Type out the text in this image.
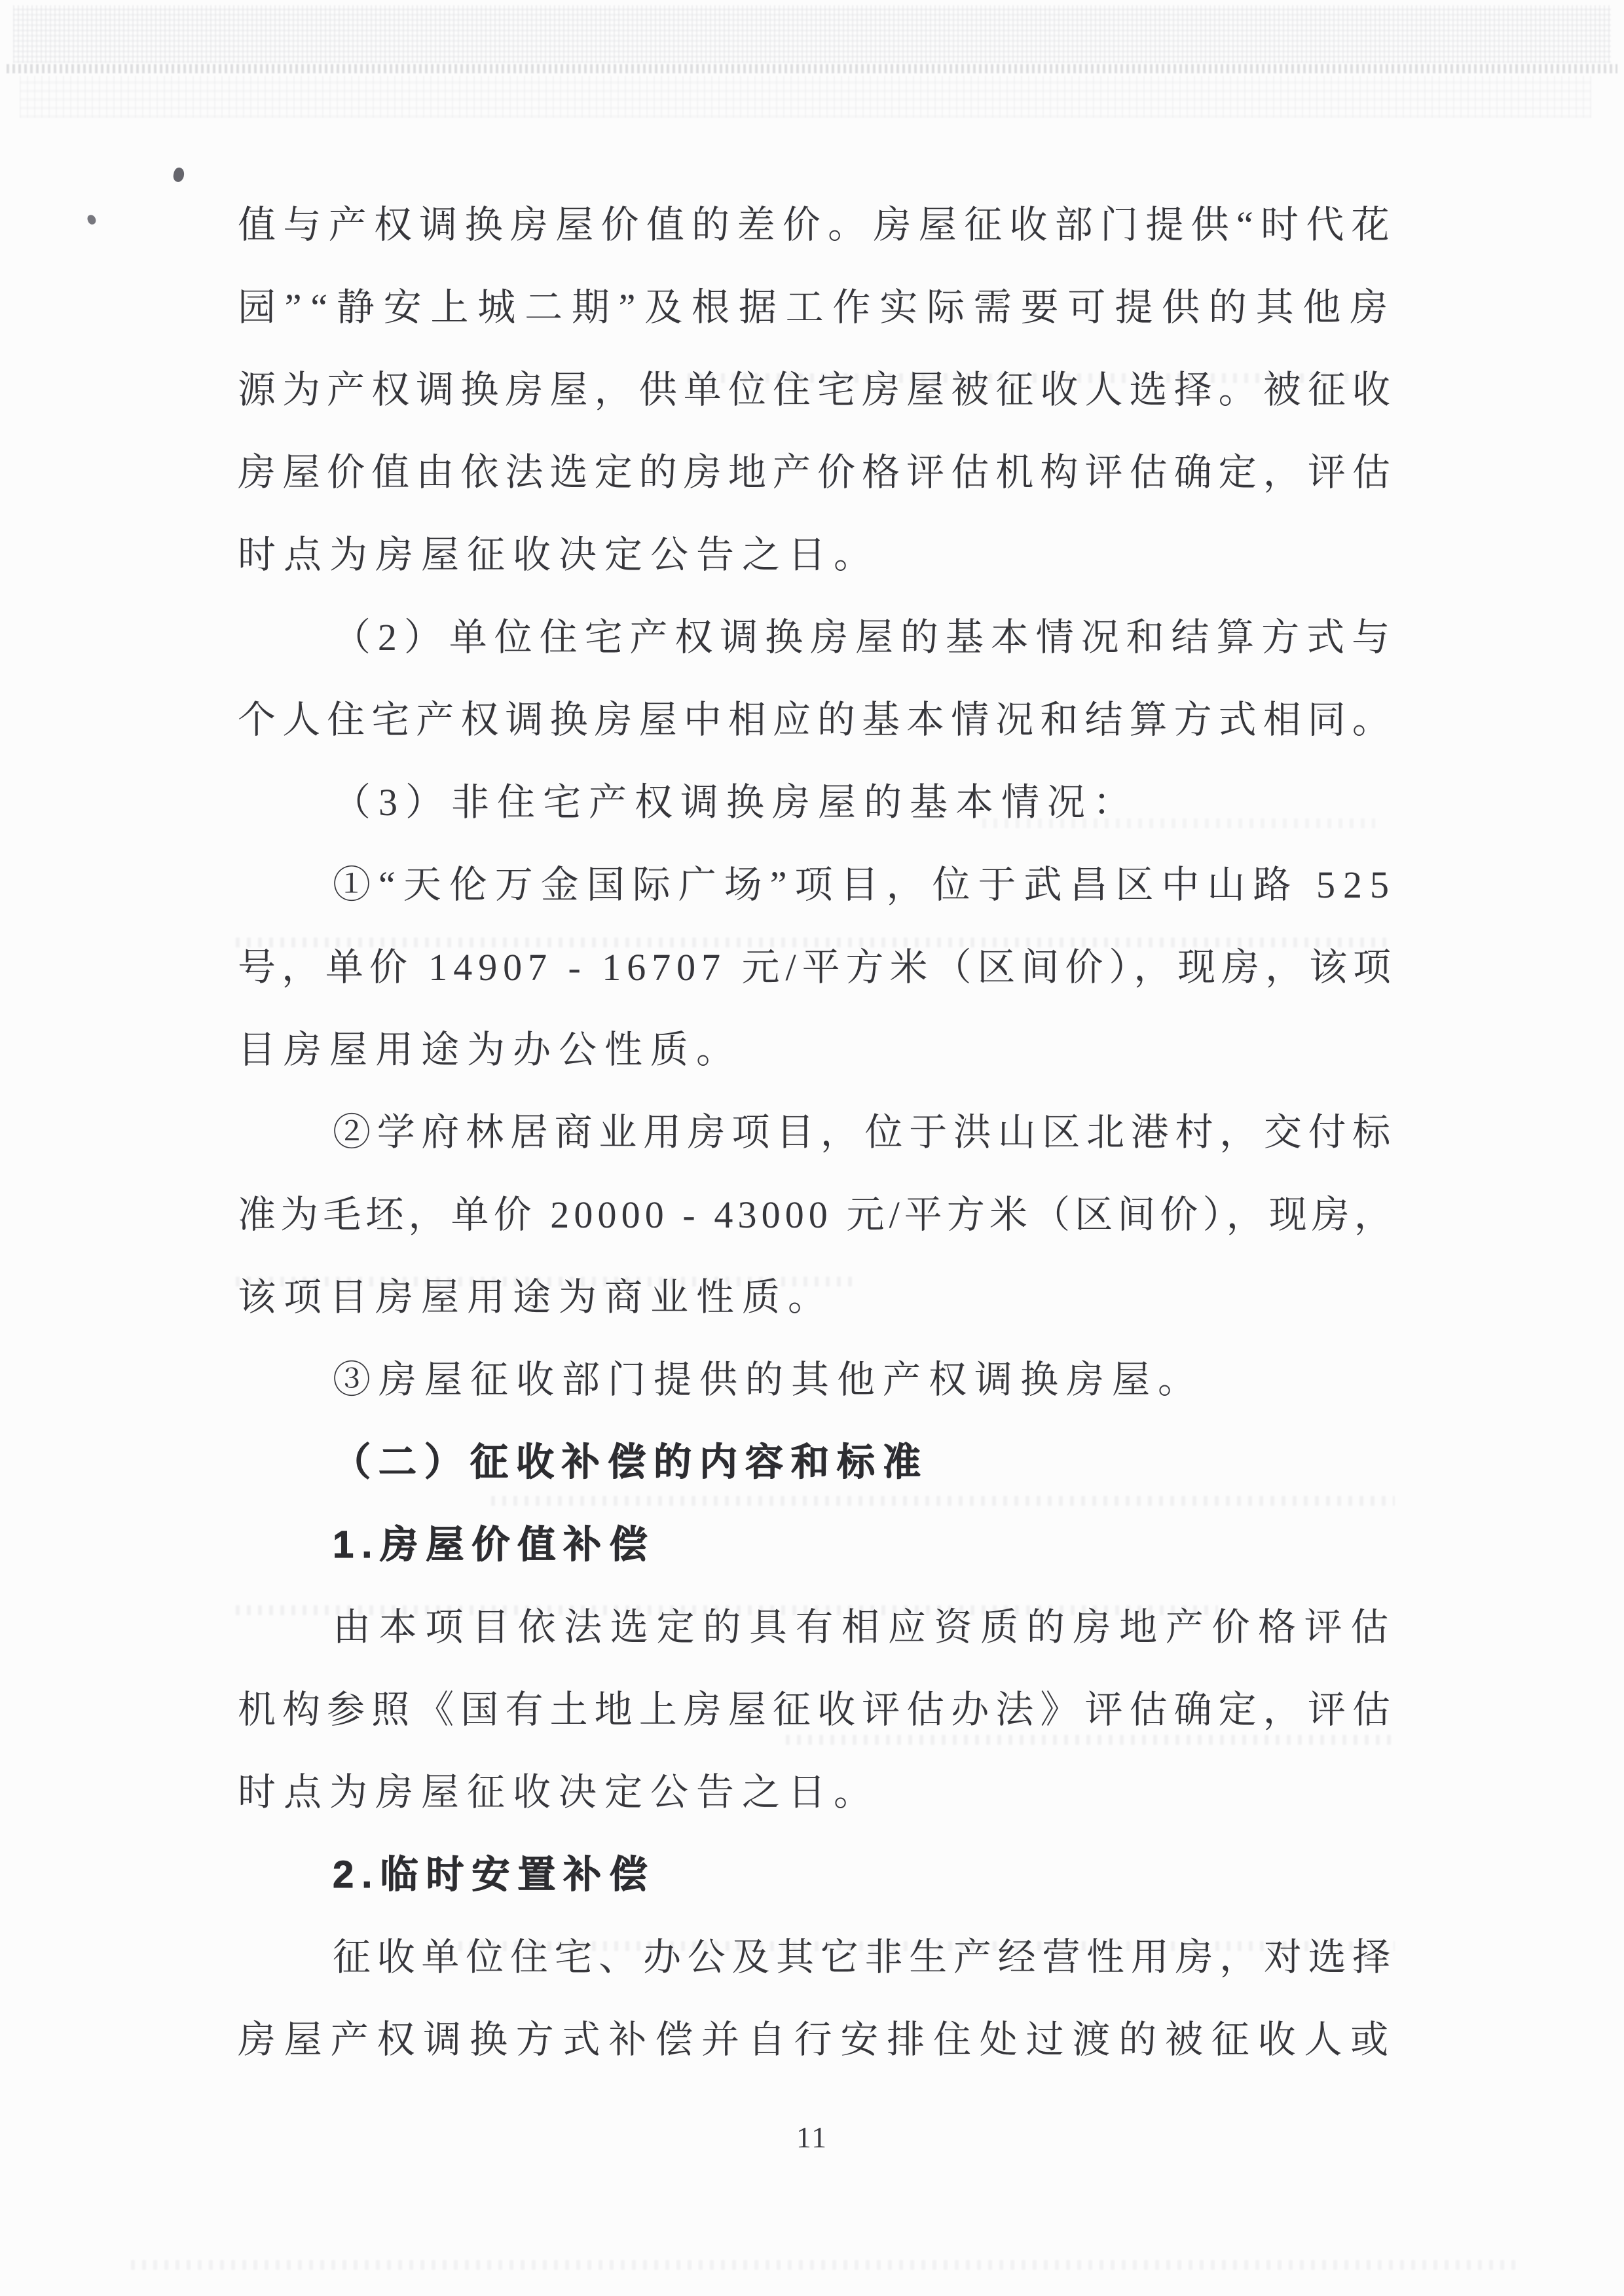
值与产权调换房屋价值的差价。房屋征收部门提供“时代花
园”“静安上城二期”及根据工作实际需要可提供的其他房
源为产权调换房屋，供单位住宅房屋被征收人选择。被征收
房屋价值由依法选定的房地产价格评估机构评估确定，评估
时点为房屋征收决定公告之日。
（2）单位住宅产权调换房屋的基本情况和结算方式与
个人住宅产权调换房屋中相应的基本情况和结算方式相同。
（3）非住宅产权调换房屋的基本情况：
①“天伦万金国际广场”项目，位于武昌区中山路 525
号，单价 14907 - 16707 元/平方米（区间价），现房，该项
目房屋用途为办公性质。
②学府林居商业用房项目，位于洪山区北港村，交付标
准为毛坯，单价 20000 - 43000 元/平方米（区间价），现房，
该项目房屋用途为商业性质。
③房屋征收部门提供的其他产权调换房屋。
（二）征收补偿的内容和标准
1.房屋价值补偿
由本项目依法选定的具有相应资质的房地产价格评估
机构参照《国有土地上房屋征收评估办法》评估确定，评估
时点为房屋征收决定公告之日。
2.临时安置补偿
征收单位住宅、办公及其它非生产经营性用房，对选择
房屋产权调换方式补偿并自行安排住处过渡的被征收人或
11
